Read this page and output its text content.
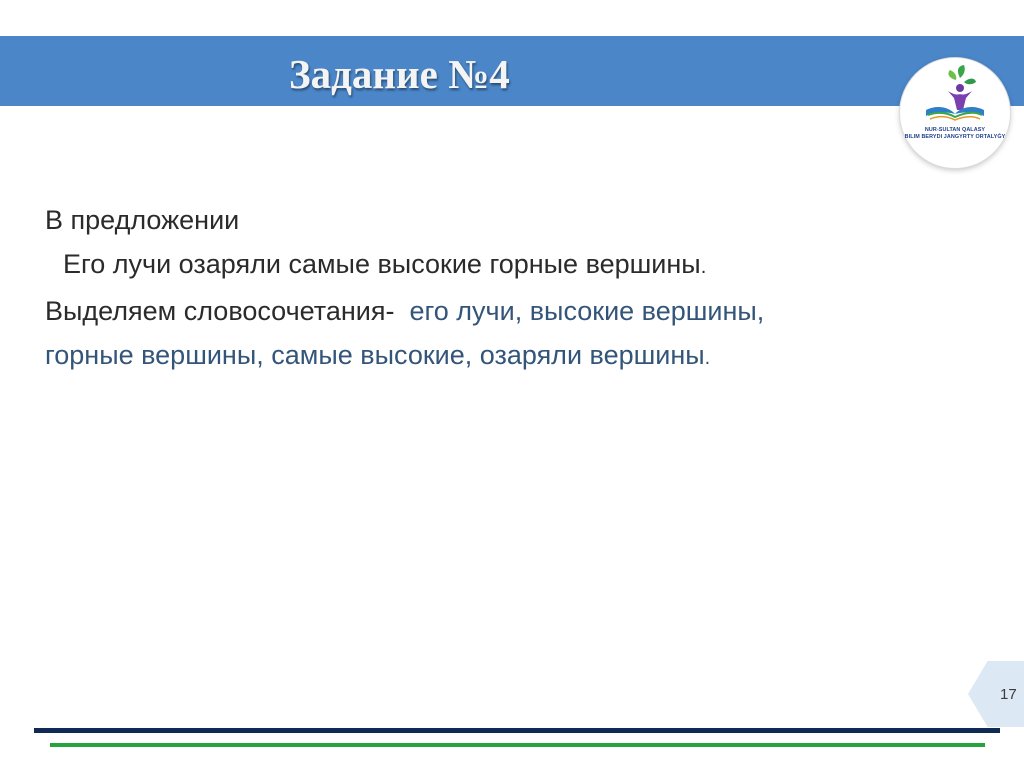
Задание №4
NUR-SULTAN QALASY
BILIM BERYDI JANGYRTY ORTALYǴY
В предложении
Его лучи озаряли самые высокие горные вершины.
Выделяем словосочетания- его лучи, высокие вершины,
горные вершины, самые высокие, озаряли вершины.
17
